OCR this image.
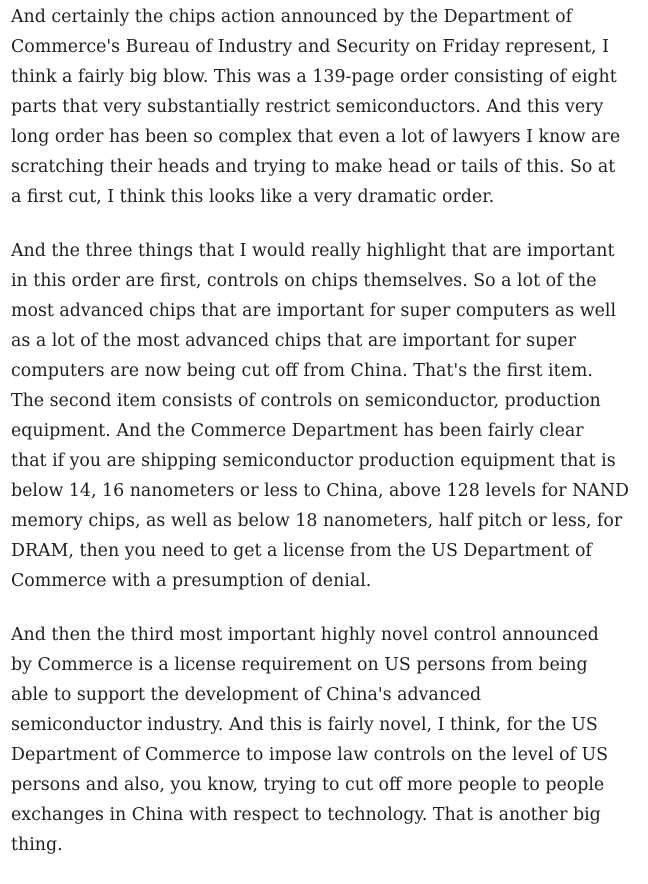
And certainly the chips action announced by the Department of
Commerce's Bureau of Industry and Security on Friday represent, I
think a fairly big blow. This was a 139-page order consisting of eight
parts that very substantially restrict semiconductors. And this very
long order has been so complex that even a lot of lawyers I know are
scratching their heads and trying to make head or tails of this. So at
a first cut, I think this looks like a very dramatic order.

And the three things that I would really highlight that are important
in this order are first, controls on chips themselves. So a lot of the
most advanced chips that are important for super computers as well
as a lot of the most advanced chips that are important for super
computers are now being cut off from China. That's the first item.
The second item consists of controls on semiconductor, production
equipment. And the Commerce Department has been fairly clear
that if you are shipping semiconductor production equipment that is
below 14, 16 nanometers or less to China, above 128 levels for NAND
memory chips, as well as below 18 nanometers, half pitch or less, for
DRAM, then you need to get a license from the US Department of
Commerce with a presumption of denial.

And then the third most important highly novel control announced
by Commerce is a license requirement on US persons from being
able to support the development of China's advanced
semiconductor industry. And this is fairly novel, I think, for the US
Department of Commerce to impose law controls on the level of US
persons and also, you know, trying to cut off more people to people
exchanges in China with respect to technology. That is another big
thing.
